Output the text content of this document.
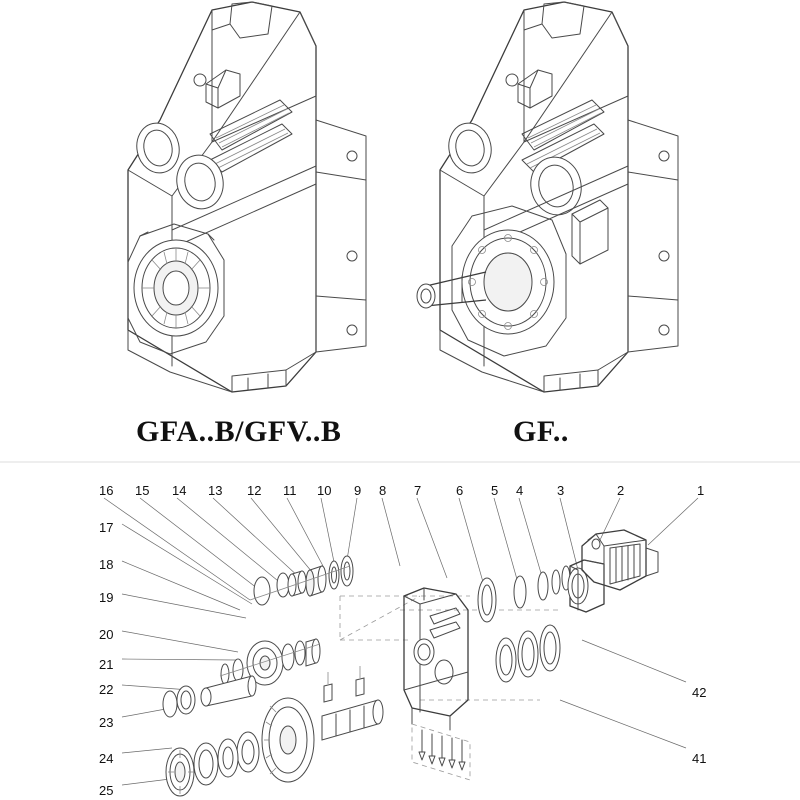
GFA..B/GFV..B	GF..
16 15 14 13 12 11 10 9 8 7	6 5 4	3	2	1
17
18
19
20
21
22
23
24
25
42
41
